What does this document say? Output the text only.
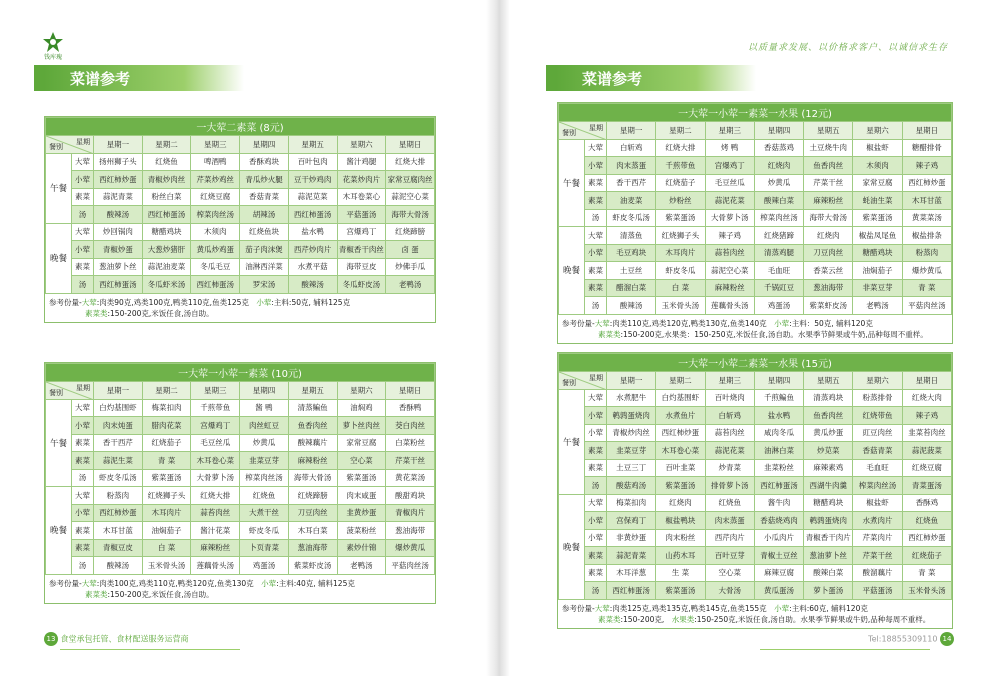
钱库瑰
菜谱参考
一大荤二素菜 (8元)								

星期
餐别		星期一	星期二	星期三	星期四	星期五	星期六	星期日
午餐	大荤	扬州狮子头	红烧鱼	啤酒鸭	香酥鸡块	百叶包肉	酱汁鸡腿	红烧大排
	小荤	西红柿炒蛋	青椒炒肉丝	芹菜炒鸡丝	青瓜炒火腿	豆干炒鸡肉	花菜炒肉片	家常豆腐肉丝
	素菜	蒜泥青菜	粉丝白菜	红烧豆腐	香菇青菜	蒜泥苋菜	木耳卷菜心	蒜泥空心菜
	汤	酸辣汤	西红柿蛋汤	榨菜肉丝汤	胡辣汤	西红柿蛋汤	平菇蛋汤	海带大骨汤
晚餐	大荤	炒回锅肉	糖醋鸡块	木须肉	红烧鱼块	盐水鸭	宫爆鸡丁	红烧蹄膀
	小荤	青椒炒蛋	大葱炒猪肝	黄瓜炒鸡蛋	茄子肉沫煲	西芹炒肉片	青椒香干肉丝	卤 蛋
	素菜	葱油萝卜丝	蒜泥油麦菜	冬瓜毛豆	油淋西洋菜	水煮平菇	海带豆皮	炒佛手瓜
	汤	西红柿蛋汤	冬瓜虾米汤	西红柿蛋汤	罗宋汤	酸辣汤	冬瓜虾皮汤	老鸭汤
参考份量-大荤:肉类90克,鸡类100克,鸭类110克,鱼类125克　小荤:主料:50克, 辅料125克
素菜类:150-200克,米饭任食,汤自助。
一大荤一小荤一素菜 (10元)								

星期
餐别		星期一	星期二	星期三	星期四	星期五	星期六	星期日
午餐	大荤	白灼基围虾	梅菜扣肉	千煎带鱼	酱 鸭	清蒸鳊鱼	油焖鸡	香酥鸭
	小荤	肉末炖蛋	腊肉花菜	宫爆鸡丁	肉丝虹豆	鱼香肉丝	萝卜丝肉丝	茭白肉丝
	素菜	香干西芹	红烧茄子	毛豆丝瓜	炒黄瓜	酸辣藕片	家常豆腐	白菜粉丝
	素菜	蒜泥生菜	青 菜	木耳卷心菜	韭菜豆芽	麻辣粉丝	空心菜	芹菜干丝
	汤	虾皮冬瓜汤	紫菜蛋汤	大骨萝卜汤	榨菜肉丝汤	海带大骨汤	紫菜蛋汤	黄花菜汤
晚餐	大荤	粉蒸肉	红烧狮子头	红烧大排	红烧鱼	红烧蹄膀	肉末咸蛋	酸甜鸡块
	小荤	西红柿炒蛋	木耳肉片	蒜苔肉丝	大煮干丝	刀豆肉丝	韭黄炒蛋	青椒肉片
	素菜	木耳甘蓝	油焖茄子	酱汁花菜	虾皮冬瓜	木耳白菜	菠菜粉丝	葱油海带
	素菜	青椒豆皮	白 菜	麻辣粉丝	卜页青菜	葱油海带	素炒什锦	爆炒黄瓜
	汤	酸辣汤	玉米骨头汤	莲藕骨头汤	鸡蛋汤	紫菜虾皮汤	老鸭汤	平菇肉丝汤
参考份量-大荤:肉类100克,鸡类110克,鸭类120克,鱼类130克　小荤:主料:40克, 辅料125克
素菜类:150-200克,米饭任食,汤自助。
13 食堂承包托管、食材配送服务运营商
以质量求发展、以价格求客户、以诚信求生存
菜谱参考
一大荤一小荤一素菜一水果 (12元)								

星期
餐别		星期一	星期二	星期三	星期四	星期五	星期六	星期日
午餐	大荤	白斩鸡	红烧大排	烤 鸭	香菇蒸鸡	土豆烧牛肉	椒盐虾	糖醋排骨
	小荤	肉末蒸蛋	千煎带鱼	宫爆鸡丁	红烧肉	鱼香肉丝	木须肉	辣子鸡
	素菜	香干西芹	红烧茄子	毛豆丝瓜	炒黄瓜	芹菜干丝	家常豆腐	西红柿炒蛋
	素菜	油麦菜	炒粉丝	蒜泥花菜	酸辣白菜	麻辣粉丝	蚝油生菜	木耳甘蓝
	汤	虾皮冬瓜汤	紫菜蛋汤	大骨萝卜汤	榨菜肉丝汤	海带大骨汤	紫菜蛋汤	黄菜菜汤
晚餐	大荤	清蒸鱼	红烧狮子头	辣子鸡	红烧猪蹄	红烧肉	椒盐凤尾鱼	椒盐排条
	小荤	毛豆鸡块	木耳肉片	蒜苔肉丝	清蒸鸡腿	刀豆肉丝	糖醋鸡块	粉蒸肉
	素菜	土豆丝	虾皮冬瓜	蒜泥空心菜	毛血旺	香菜云丝	油焖茄子	爆炒黄瓜
	素菜	醋溜白菜	白 菜	麻辣粉丝	千锅豇豆	葱油海带	非菜豆芽	青 菜
	汤	酸辣汤	玉米骨头汤	莲藕骨头汤	鸡蛋汤	紫菜虾皮汤	老鸭汤	平菇肉丝汤
参考份量-大荤:肉类110克,鸡类120克,鸭类130克,鱼类140克　小荤:主料：50克, 辅料120克
素菜类:150-200克,水果类：150-250克,米饭任食,汤自助。水果季节鲜果或牛奶,品种每周不重样。
一大荤一小荤二素菜一水果 (15元)								

星期
餐别		星期一	星期二	星期三	星期四	星期五	星期六	星期日
午餐	大荤	水煮肥牛	白灼基围虾	百叶烧肉	千煎鳊鱼	清蒸鸡块	粉蒸排骨	红烧大肉
	小荤	鹌鹑蛋烧肉	水煮鱼片	白斩鸡	盐水鸭	鱼香肉丝	红烧带鱼	辣子鸡
	小荤	青椒炒肉丝	西红柿炒蛋	蒜苔肉丝	咸肉冬瓜	黄瓜炒蛋	豇豆肉丝	韭菜苔肉丝
	素菜	韭菜豆芽	木耳卷心菜	蒜泥花菜	油淋白菜	炒苋菜	香菇青菜	蒜泥菠菜
	素菜	土豆三丁	百叶韭菜	炒青菜	韭菜粉丝	麻辣素鸡	毛血旺	红烧豆腐
	汤	酸菇鸡汤	紫菜蛋汤	排骨萝卜汤	西红柿蛋汤	西湖牛肉羹	榨菜肉丝汤	青菜蛋汤
晚餐	大荤	梅菜扣肉	红烧肉	红烧鱼	酱牛肉	糖醋鸡块	椒盐虾	香酥鸡
	小荤	宫保鸡丁	椒盐鸭块	肉末蒸蛋	香菇烧鸡肉	鹌鹑蛋烧肉	水煮肉片	红烧鱼
	小荤	非黄炒蛋	肉末粉丝	西芹肉片	小瓜肉片	青椒香干肉片	芹菜肉片	西红柿炒蛋
	素菜	蒜泥青菜	山药木耳	百叶豆芽	青椒土豆丝	葱油萝卜丝	芹菜干丝	红烧茄子
	素菜	木耳洋葱	生 菜	空心菜	麻辣豆腐	酸辣白菜	酸溜藕片	青 菜
	汤	西红柿蛋汤	紫菜蛋汤	大骨汤	黄瓜蛋汤	萝卜蛋汤	平菇蛋汤	玉米骨头汤
参考份量-大荤:肉类125克,鸡类135克,鸭类145克,鱼类155克　小荤:主料:60克, 辅料120克
素菜类:150-200克,　水果类:150-250克,米饭任食,汤自助。水果季节鲜果或牛奶,品种每周不重样。
Tel:18855309110 14
